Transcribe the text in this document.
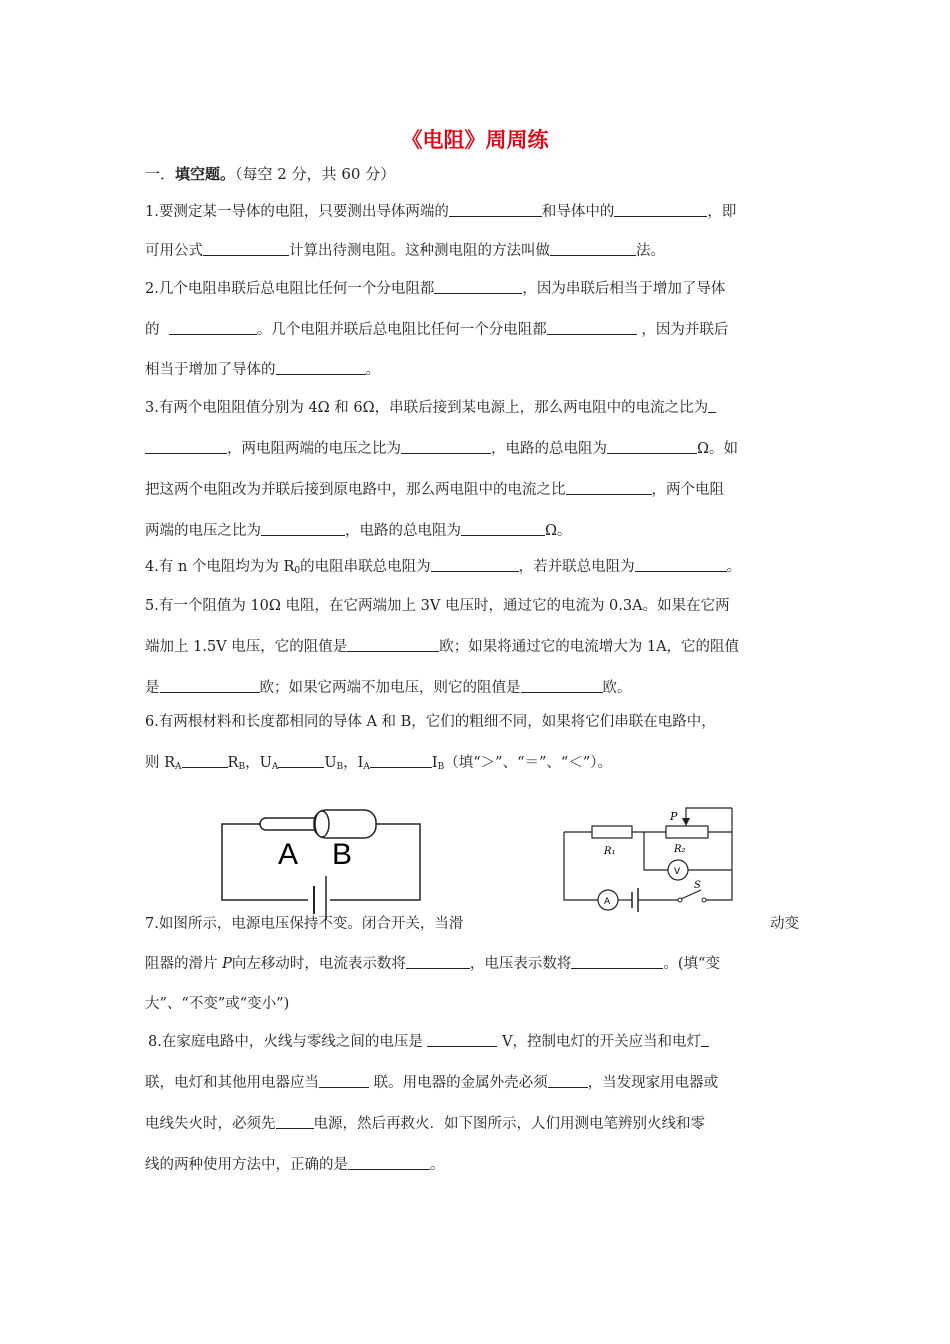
《电阻》周周练
一．填空题。（每空 2 分，共 60 分）
1.要测定某一导体的电阻，只要测出导体两端的	和导体中的	，即
可用公式	计算出待测电阻。这种测电阻的方法叫做	法。
2.几个电阻串联后总电阻比任何一个分电阻都	，因为串联后相当于增加了导体
的	。几个电阻并联后总电阻比任何一个分电阻都	，因为并联后
相当于增加了导体的	。
3.有两个电阻阻值分别为 4Ω 和 6Ω，串联后接到某电源上，那么两电阻中的电流之比为
，两电阻两端的电压之比为	，电路的总电阻为	Ω。如
把这两个电阻改为并联后接到原电路中，那么两电阻中的电流之比	，两个电阻
两端的电压之比为	，电路的总电阻为	Ω。
4.有 n 个电阻均为为 $R_0$的电阻串联总电阻为	，若并联总电阻为	。
5.有一个阻值为 10Ω 电阻，在它两端加上 3V 电压时，通过它的电流为 0.3A。如果在它两
端加上 1.5V 电压，它的阻值是	欧；如果将通过它的电流增大为 1A，它的阻值
是	欧；如果它两端不加电压，则它的阻值是	欧。
6.有两根材料和长度都相同的导体 A 和 B，它们的粗细不同，如果将它们串联在电路中，
则 $R_A$	$R_B$，$U_A$	$U_B$，$I_A$	$I_B$（填“＞”、“＝”、“＜”）。
A B
P
R₁	R₂
V
A
S
7.如图所示，电源电压保持不变。闭合开关，当滑	动变
阻器的滑片 P向左移动时，电流表示数将	，电压表示数将	。(填“变
大”、“不变”或“变小”)
8.在家庭电路中，火线与零线之间的电压是	V，控制电灯的开关应当和电灯
联，电灯和其他用电器应当	联。用电器的金属外壳必须	，当发现家用电器或
电线失火时，必须先	电源，然后再救火．如下图所示，人们用测电笔辨别火线和零
线的两种使用方法中，正确的是	。
